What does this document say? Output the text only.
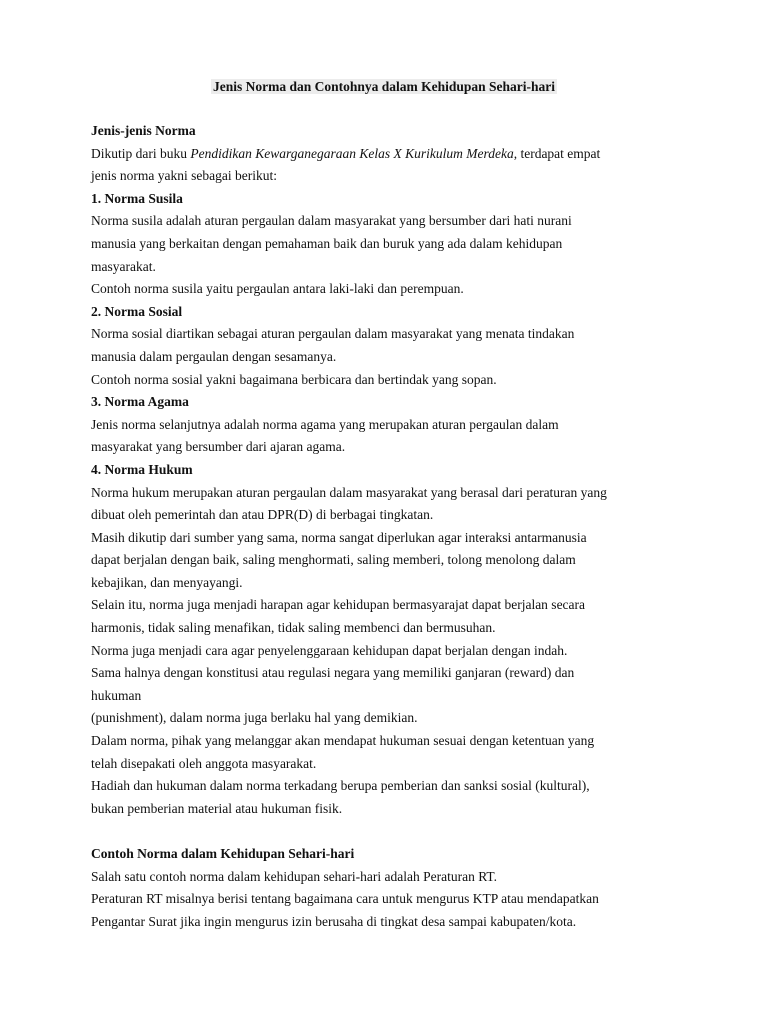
Jenis Norma dan Contohnya dalam Kehidupan Sehari-hari

Jenis-jenis Norma

Dikutip dari buku Pendidikan Kewarganegaraan Kelas X Kurikulum Merdeka, terdapat empat

jenis norma yakni sebagai berikut:

1. Norma Susila

Norma susila adalah aturan pergaulan dalam masyarakat yang bersumber dari hati nurani

manusia yang berkaitan dengan pemahaman baik dan buruk yang ada dalam kehidupan

masyarakat.

Contoh norma susila yaitu pergaulan antara laki-laki dan perempuan.

2. Norma Sosial

Norma sosial diartikan sebagai aturan pergaulan dalam masyarakat yang menata tindakan

manusia dalam pergaulan dengan sesamanya.

Contoh norma sosial yakni bagaimana berbicara dan bertindak yang sopan.

3. Norma Agama

Jenis norma selanjutnya adalah norma agama yang merupakan aturan pergaulan dalam

masyarakat yang bersumber dari ajaran agama.

4. Norma Hukum

Norma hukum merupakan aturan pergaulan dalam masyarakat yang berasal dari peraturan yang

dibuat oleh pemerintah dan atau DPR(D) di berbagai tingkatan.

Masih dikutip dari sumber yang sama, norma sangat diperlukan agar interaksi antarmanusia

dapat berjalan dengan baik, saling menghormati, saling memberi, tolong menolong dalam

kebajikan, dan menyayangi.

Selain itu, norma juga menjadi harapan agar kehidupan bermasyarajat dapat berjalan secara

harmonis, tidak saling menafikan, tidak saling membenci dan bermusuhan.

Norma juga menjadi cara agar penyelenggaraan kehidupan dapat berjalan dengan indah.

Sama halnya dengan konstitusi atau regulasi negara yang memiliki ganjaran (reward) dan

hukuman

(punishment), dalam norma juga berlaku hal yang demikian.

Dalam norma, pihak yang melanggar akan mendapat hukuman sesuai dengan ketentuan yang

telah disepakati oleh anggota masyarakat.

Hadiah dan hukuman dalam norma terkadang berupa pemberian dan sanksi sosial (kultural),

bukan pemberian material atau hukuman fisik.

Contoh Norma dalam Kehidupan Sehari-hari

Salah satu contoh norma dalam kehidupan sehari-hari adalah Peraturan RT.

Peraturan RT misalnya berisi tentang bagaimana cara untuk mengurus KTP atau mendapatkan

Pengantar Surat jika ingin mengurus izin berusaha di tingkat desa sampai kabupaten/kota.
